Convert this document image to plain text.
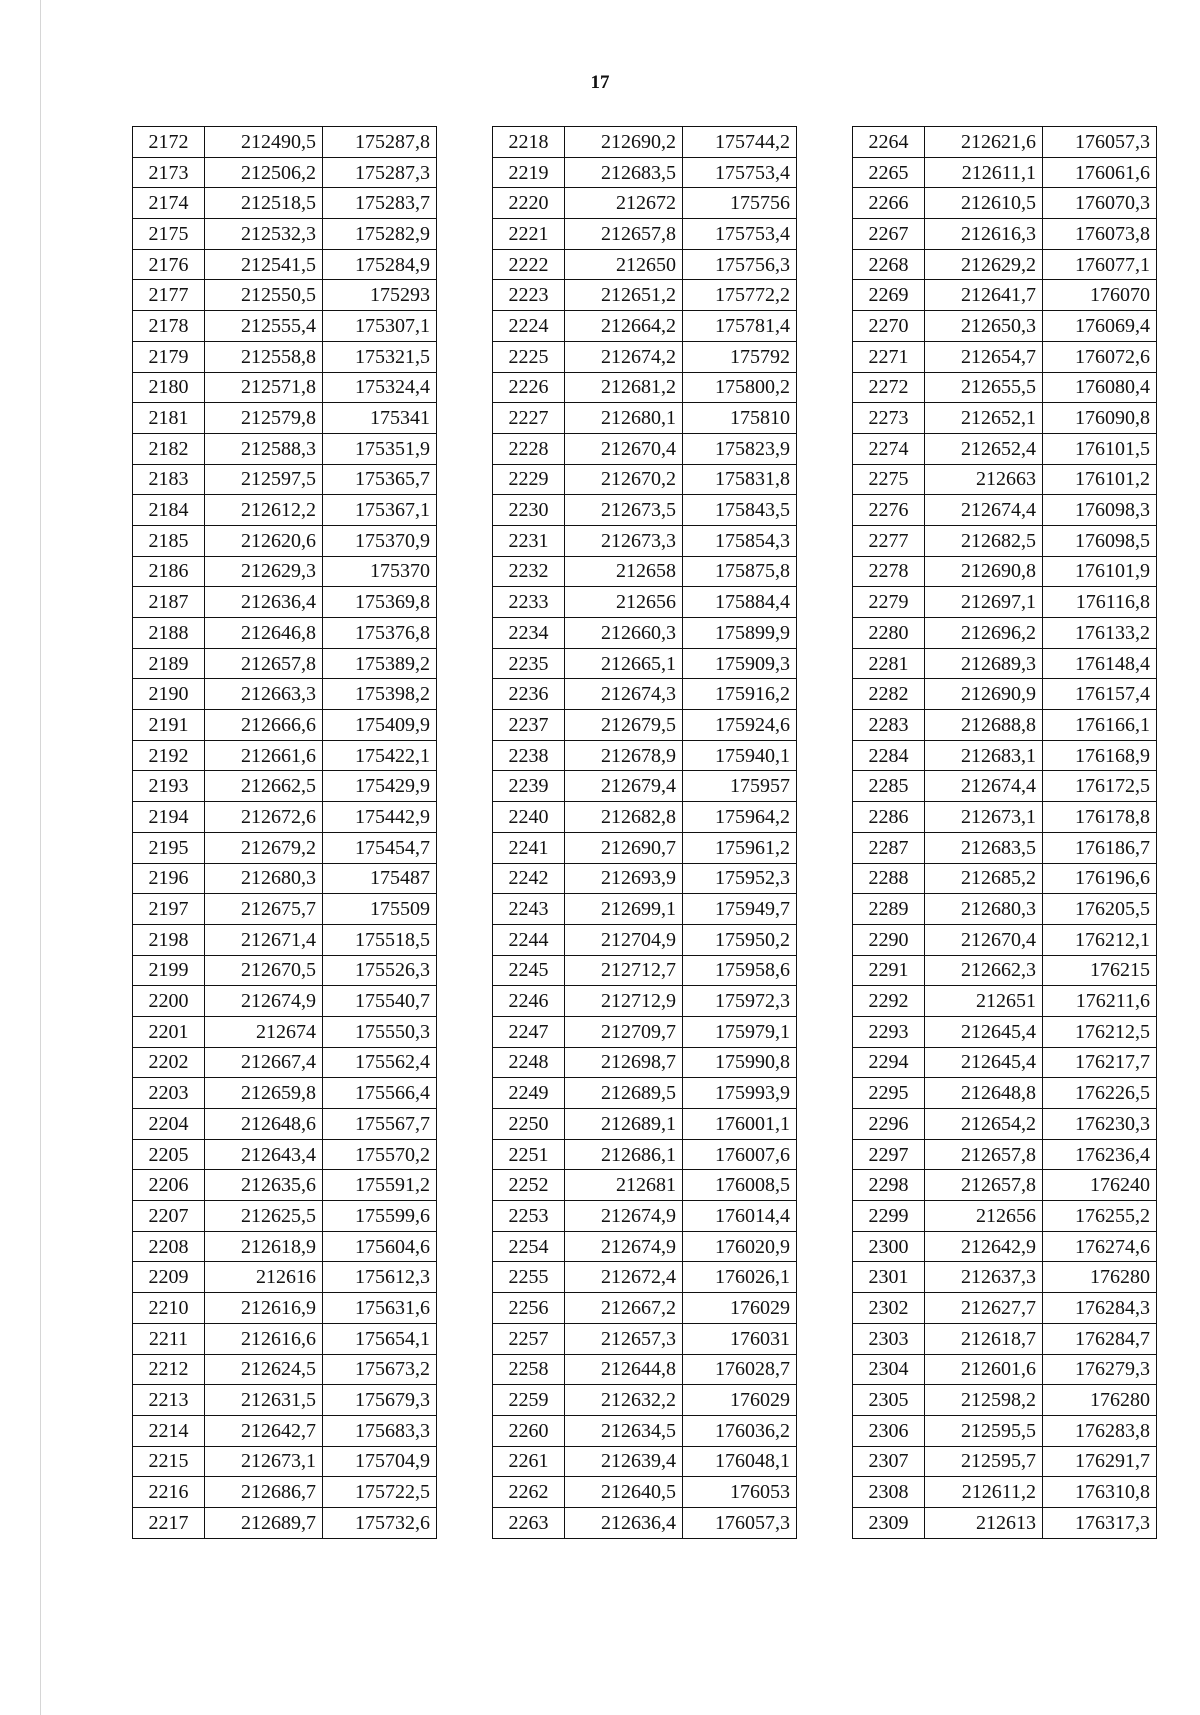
17
2172	212490,5	175287,8
2173	212506,2	175287,3
2174	212518,5	175283,7
2175	212532,3	175282,9
2176	212541,5	175284,9
2177	212550,5	175293
2178	212555,4	175307,1
2179	212558,8	175321,5
2180	212571,8	175324,4
2181	212579,8	175341
2182	212588,3	175351,9
2183	212597,5	175365,7
2184	212612,2	175367,1
2185	212620,6	175370,9
2186	212629,3	175370
2187	212636,4	175369,8
2188	212646,8	175376,8
2189	212657,8	175389,2
2190	212663,3	175398,2
2191	212666,6	175409,9
2192	212661,6	175422,1
2193	212662,5	175429,9
2194	212672,6	175442,9
2195	212679,2	175454,7
2196	212680,3	175487
2197	212675,7	175509
2198	212671,4	175518,5
2199	212670,5	175526,3
2200	212674,9	175540,7
2201	212674	175550,3
2202	212667,4	175562,4
2203	212659,8	175566,4
2204	212648,6	175567,7
2205	212643,4	175570,2
2206	212635,6	175591,2
2207	212625,5	175599,6
2208	212618,9	175604,6
2209	212616	175612,3
2210	212616,9	175631,6
2211	212616,6	175654,1
2212	212624,5	175673,2
2213	212631,5	175679,3
2214	212642,7	175683,3
2215	212673,1	175704,9
2216	212686,7	175722,5
2217	212689,7	175732,6
2218	212690,2	175744,2
2219	212683,5	175753,4
2220	212672	175756
2221	212657,8	175753,4
2222	212650	175756,3
2223	212651,2	175772,2
2224	212664,2	175781,4
2225	212674,2	175792
2226	212681,2	175800,2
2227	212680,1	175810
2228	212670,4	175823,9
2229	212670,2	175831,8
2230	212673,5	175843,5
2231	212673,3	175854,3
2232	212658	175875,8
2233	212656	175884,4
2234	212660,3	175899,9
2235	212665,1	175909,3
2236	212674,3	175916,2
2237	212679,5	175924,6
2238	212678,9	175940,1
2239	212679,4	175957
2240	212682,8	175964,2
2241	212690,7	175961,2
2242	212693,9	175952,3
2243	212699,1	175949,7
2244	212704,9	175950,2
2245	212712,7	175958,6
2246	212712,9	175972,3
2247	212709,7	175979,1
2248	212698,7	175990,8
2249	212689,5	175993,9
2250	212689,1	176001,1
2251	212686,1	176007,6
2252	212681	176008,5
2253	212674,9	176014,4
2254	212674,9	176020,9
2255	212672,4	176026,1
2256	212667,2	176029
2257	212657,3	176031
2258	212644,8	176028,7
2259	212632,2	176029
2260	212634,5	176036,2
2261	212639,4	176048,1
2262	212640,5	176053
2263	212636,4	176057,3
2264	212621,6	176057,3
2265	212611,1	176061,6
2266	212610,5	176070,3
2267	212616,3	176073,8
2268	212629,2	176077,1
2269	212641,7	176070
2270	212650,3	176069,4
2271	212654,7	176072,6
2272	212655,5	176080,4
2273	212652,1	176090,8
2274	212652,4	176101,5
2275	212663	176101,2
2276	212674,4	176098,3
2277	212682,5	176098,5
2278	212690,8	176101,9
2279	212697,1	176116,8
2280	212696,2	176133,2
2281	212689,3	176148,4
2282	212690,9	176157,4
2283	212688,8	176166,1
2284	212683,1	176168,9
2285	212674,4	176172,5
2286	212673,1	176178,8
2287	212683,5	176186,7
2288	212685,2	176196,6
2289	212680,3	176205,5
2290	212670,4	176212,1
2291	212662,3	176215
2292	212651	176211,6
2293	212645,4	176212,5
2294	212645,4	176217,7
2295	212648,8	176226,5
2296	212654,2	176230,3
2297	212657,8	176236,4
2298	212657,8	176240
2299	212656	176255,2
2300	212642,9	176274,6
2301	212637,3	176280
2302	212627,7	176284,3
2303	212618,7	176284,7
2304	212601,6	176279,3
2305	212598,2	176280
2306	212595,5	176283,8
2307	212595,7	176291,7
2308	212611,2	176310,8
2309	212613	176317,3
